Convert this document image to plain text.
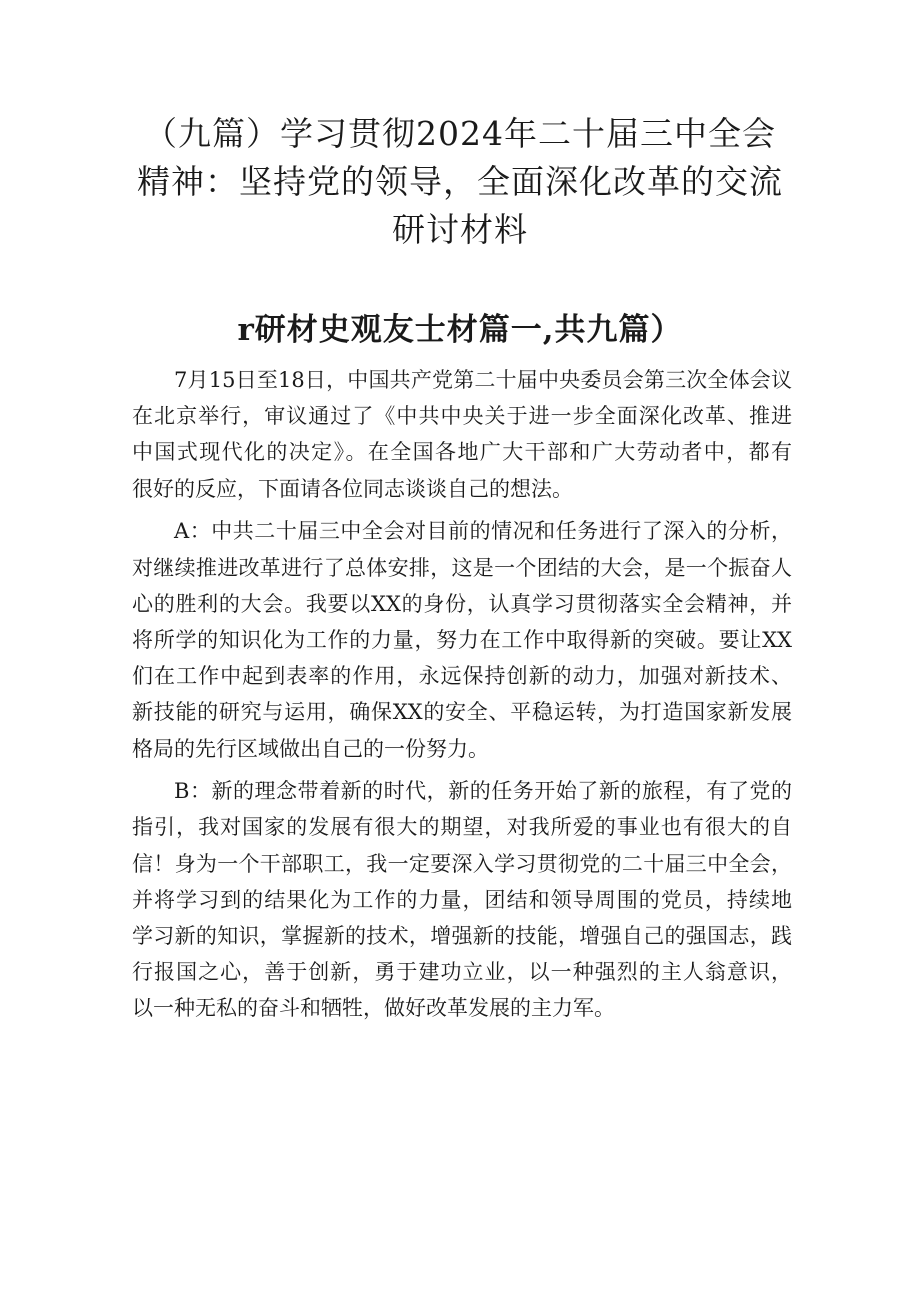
（九篇）学习贯彻2024年二十届三中全会
精神：坚持党的领导，全面深化改革的交流
研讨材料
r研材史观友士材篇一,共九篇）

7月15日至18日，中国共产党第二十届中央委员会第三次全体会议
在北京举行，审议通过了《中共中央关于进一步全面深化改革、推进
中国式现代化的决定》。在全国各地广大干部和广大劳动者中，都有
很好的反应，下面请各位同志谈谈自己的想法。

A：中共二十届三中全会对目前的情况和任务进行了深入的分析，
对继续推进改革进行了总体安排，这是一个团结的大会，是一个振奋人
心的胜利的大会。我要以XX的身份，认真学习贯彻落实全会精神，并
将所学的知识化为工作的力量，努力在工作中取得新的突破。要让XX
们在工作中起到表率的作用，永远保持创新的动力，加强对新技术、
新技能的研究与运用，确保XX的安全、平稳运转，为打造国家新发展
格局的先行区域做出自己的一份努力。

B：新的理念带着新的时代，新的任务开始了新的旅程，有了党的
指引，我对国家的发展有很大的期望，对我所爱的事业也有很大的自
信！身为一个干部职工，我一定要深入学习贯彻党的二十届三中全会，
并将学习到的结果化为工作的力量，团结和领导周围的党员，持续地
学习新的知识，掌握新的技术，增强新的技能，增强自己的强国志，践
行报国之心，善于创新，勇于建功立业，以一种强烈的主人翁意识，
以一种无私的奋斗和牺牲，做好改革发展的主力军。
